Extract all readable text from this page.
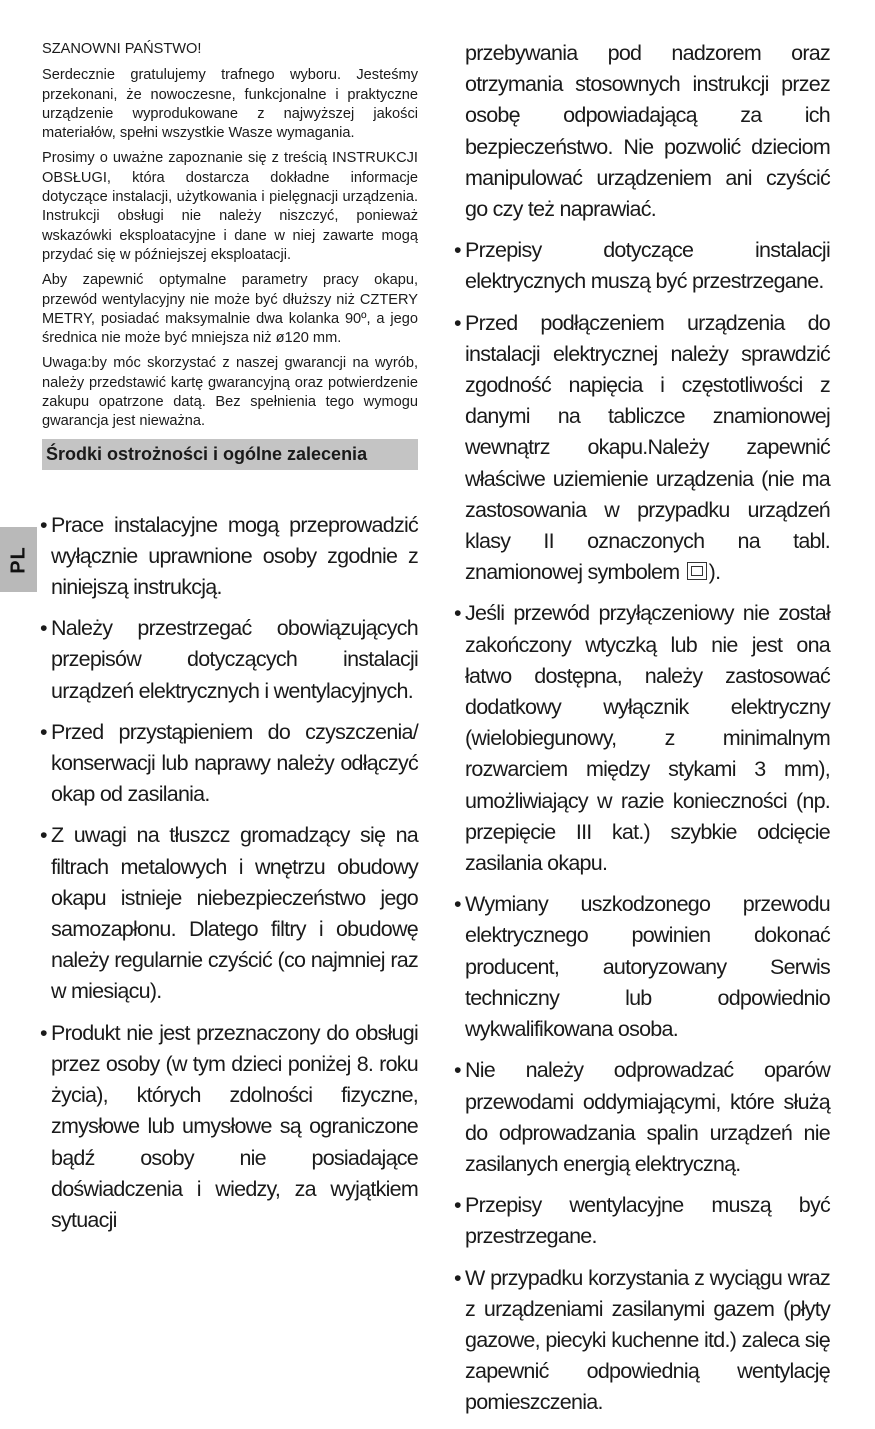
PL

SZANOWNI PAŃSTWO!

Serdecznie gratulujemy trafnego wyboru. Jesteśmy przekonani, że nowoczesne, funkcjonalne i praktyczne urządzenie wyprodukowane z najwyższej jakości materiałów, spełni wszystkie Wasze wymagania.

Prosimy o uważne zapoznanie się z treścią INSTRUKCJI OBSŁUGI, która dostarcza dokładne informacje dotyczące instalacji, użytkowania i pielęgnacji urządzenia. Instrukcji obsługi nie należy niszczyć, ponieważ wskazówki eksploatacyjne i dane w niej zawarte mogą przydać się w późniejszej eksploatacji.

Aby zapewnić optymalne parametry pracy okapu, przewód wentylacyjny nie może być dłuższy niż CZTERY METRY, posiadać maksymalnie dwa kolanka 90º, a jego średnica nie może być mniejsza niż ø120 mm.

Uwaga:by móc skorzystać z naszej gwarancji na wyrób, należy przedstawić kartę gwarancyjną oraz potwierdzenie zakupu opatrzone datą. Bez spełnienia tego wymogu gwarancja jest nieważna.

Środki ostrożności i ogólne zalecenia

• Prace instalacyjne mogą przeprowadzić wyłącznie uprawnione osoby zgodnie z niniejszą instrukcją.

• Należy przestrzegać obowiązujących przepisów dotyczących instalacji urządzeń elektrycznych i wentylacyjnych.

• Przed przystąpieniem do czyszczenia/ konserwacji lub naprawy należy odłączyć okap od zasilania.

• Z uwagi na tłuszcz gromadzący się na filtrach metalowych i wnętrzu obudowy okapu istnieje niebezpieczeństwo jego samozapłonu. Dlatego filtry i obudowę należy regularnie czyścić (co najmniej raz w miesiącu).

• Produkt nie jest przeznaczony do obsługi przez osoby (w tym dzieci poniżej 8. roku życia), których zdolności fizyczne, zmysłowe lub umysłowe są ograniczone bądź osoby nie posiadające doświadczenia i wiedzy, za wyjątkiem sytuacji

przebywania pod nadzorem oraz otrzymania stosownych instrukcji przez osobę odpowiadającą za ich bezpieczeństwo. Nie pozwolić dzieciom manipulować urządzeniem ani czyścić go czy też naprawiać.

• Przepisy dotyczące instalacji elektrycznych muszą być przestrzegane.

• Przed podłączeniem urządzenia do instalacji elektrycznej należy sprawdzić zgodność napięcia i częstotliwości z danymi na tabliczce znamionowej wewnątrz okapu.Należy zapewnić właściwe uziemienie urządzenia (nie ma zastosowania w przypadku urządzeń klasy II oznaczonych na tabl. znamionowej symbolem ).

• Jeśli przewód przyłączeniowy nie został zakończony wtyczką lub nie jest ona łatwo dostępna, należy zastosować dodatkowy wyłącznik elektryczny (wielobiegunowy, z minimalnym rozwarciem między stykami 3 mm), umożliwiający w razie konieczności (np. przepięcie III kat.) szybkie odcięcie zasilania okapu.

• Wymiany uszkodzonego przewodu elektrycznego powinien dokonać producent, autoryzowany Serwis techniczny lub odpowiednio wykwalifikowana osoba.

• Nie należy odprowadzać oparów przewodami oddymiającymi, które służą do odprowadzania spalin urządzeń nie zasilanych energią elektryczną.

• Przepisy wentylacyjne muszą być przestrzegane.

• W przypadku korzystania z wyciągu wraz z urządzeniami zasilanymi gazem (płyty gazowe, piecyki kuchenne itd.) zaleca się zapewnić odpowiednią wentylację pomieszczenia.
